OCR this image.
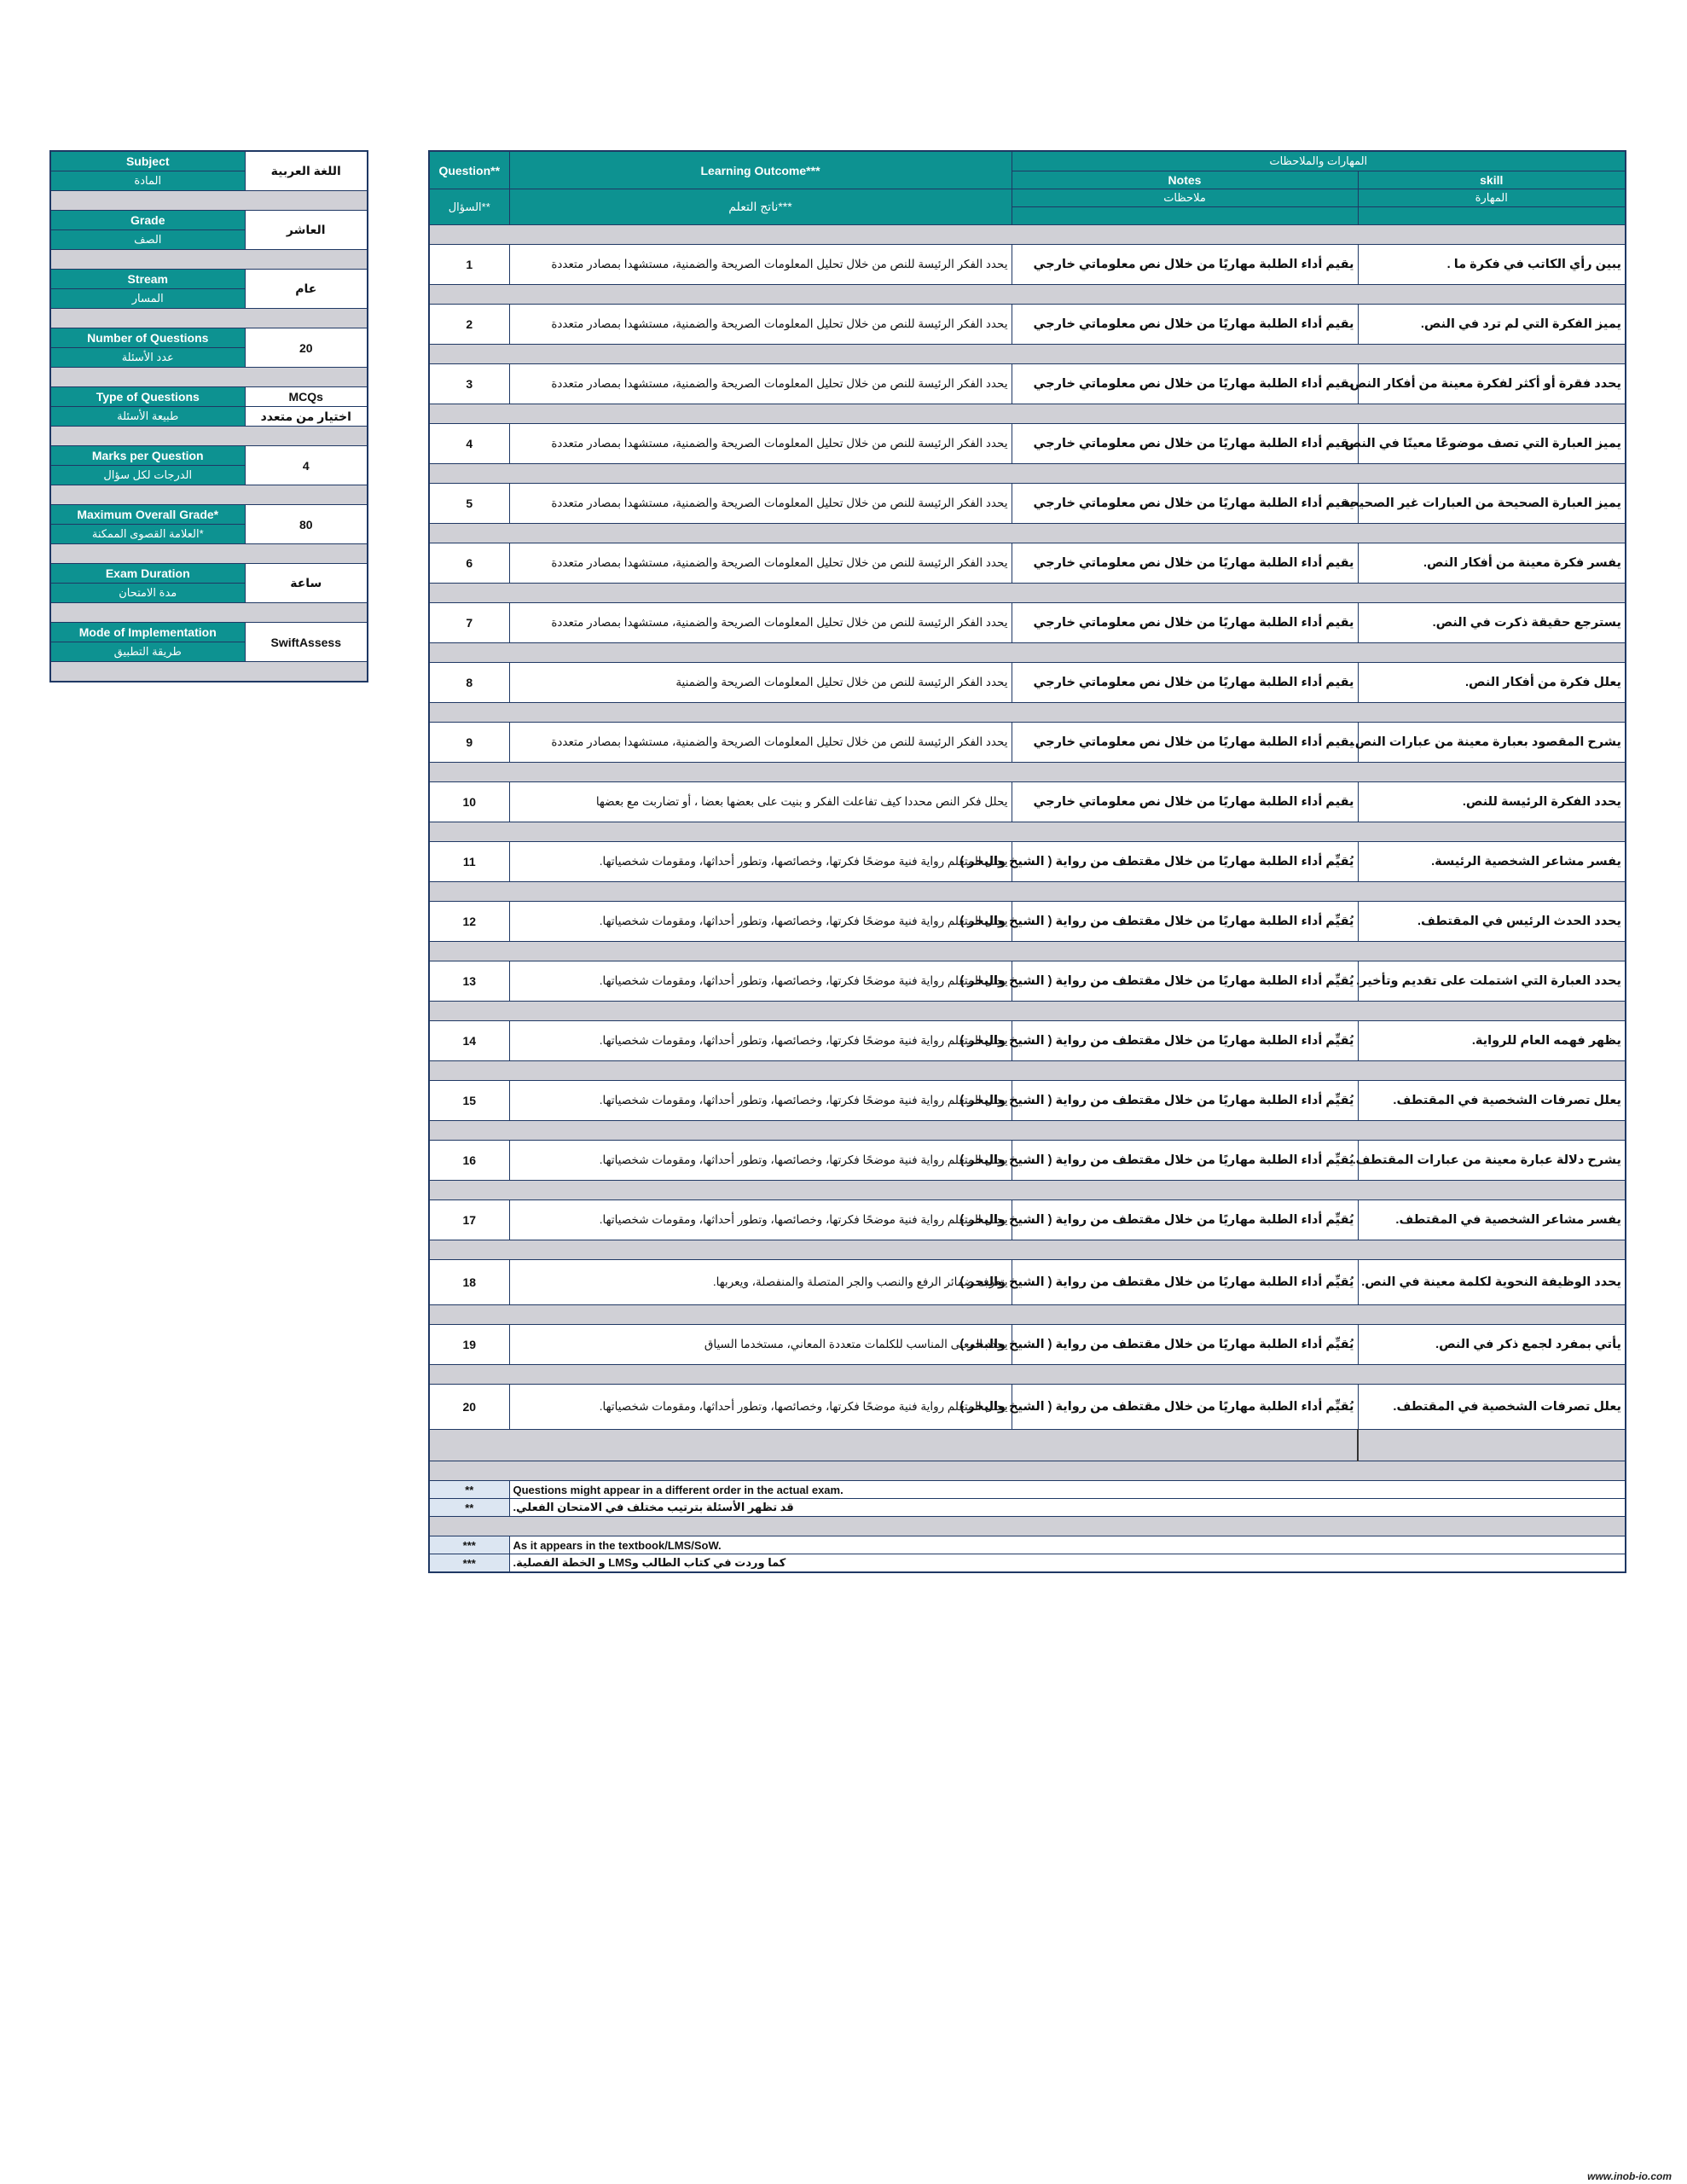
Subject	اللغة العربية
المادة	

Grade	العاشر
الصف	

Stream	عام
المسار	

Number of Questions	20
عدد الأسئلة	

Type of Questions	MCQs
طبيعة الأسئلة	اختيار من متعدد

Marks per Question	4
الدرجات لكل سؤال	

Maximum Overall Grade*	80
العلامة القصوى الممكنة*	

Exam Duration	ساعة
مدة الامتحان	

Mode of Implementation	SwiftAssess
طريقة التطبيق	

Question**	Learning Outcome***	المهارات والملاحظات	
		Notes	skill
السؤال**	ناتج التعلم***	ملاحظات	المهارة

1	يحدد الفكر الرئيسة للنص من خلال تحليل المعلومات الصريحة والضمنية، مستشهدا بمصادر متعددة	يقيم أداء الطلبة مهاريًا من خلال نص معلوماتي خارجي	يبين رأي الكاتب في فكرة ما .

2	يحدد الفكر الرئيسة للنص من خلال تحليل المعلومات الصريحة والضمنية، مستشهدا بمصادر متعددة	يقيم أداء الطلبة مهاريًا من خلال نص معلوماتي خارجي	يميز الفكرة التي لم ترد في النص.

3	يحدد الفكر الرئيسة للنص من خلال تحليل المعلومات الصريحة والضمنية، مستشهدا بمصادر متعددة	يقيم أداء الطلبة مهاريًا من خلال نص معلوماتي خارجي	يحدد فقرة أو أكثر لفكرة معينة من أفكار النص.

4	يحدد الفكر الرئيسة للنص من خلال تحليل المعلومات الصريحة والضمنية، مستشهدا بمصادر متعددة	يقيم أداء الطلبة مهاريًا من خلال نص معلوماتي خارجي	يميز العبارة التي تصف موضوعًا معينًا في النص.

5	يحدد الفكر الرئيسة للنص من خلال تحليل المعلومات الصريحة والضمنية، مستشهدا بمصادر متعددة	يقيم أداء الطلبة مهاريًا من خلال نص معلوماتي خارجي	يميز العبارة الصحيحة من العبارات غير الصحيحة

6	يحدد الفكر الرئيسة للنص من خلال تحليل المعلومات الصريحة والضمنية، مستشهدا بمصادر متعددة	يقيم أداء الطلبة مهاريًا من خلال نص معلوماتي خارجي	يفسر فكرة معينة من أفكار النص.

7	يحدد الفكر الرئيسة للنص من خلال تحليل المعلومات الصريحة والضمنية، مستشهدا بمصادر متعددة	يقيم أداء الطلبة مهاريًا من خلال نص معلوماتي خارجي	يسترجع حقيقة ذكرت في النص.

8	يحدد الفكر الرئيسة للنص من خلال تحليل المعلومات الصريحة والضمنية	يقيم أداء الطلبة مهاريًا من خلال نص معلوماتي خارجي	يعلل فكرة من أفكار النص.

9	يحدد الفكر الرئيسة للنص من خلال تحليل المعلومات الصريحة والضمنية، مستشهدا بمصادر متعددة	يقيم أداء الطلبة مهاريًا من خلال نص معلوماتي خارجي	يشرح المقصود بعبارة معينة من عبارات النص.

10	يحلل فكر النص محددا كيف تفاعلت الفكر و بنيت على بعضها بعضا ، أو تضاربت مع بعضها	يقيم أداء الطلبة مهاريًا من خلال نص معلوماتي خارجي	يحدد الفكرة الرئيسة للنص.

11	يحلل المتعلم رواية فنية موضحًا فكرتها، وخصائصها، وتطور أحداثها، ومقومات شخصياتها.	يُقيِّم أداء الطلبة مهاريًا من خلال مقتطف من رواية ( الشيخ والبحر )	يفسر مشاعر الشخصية الرئيسة.

12	يحلل المتعلم رواية فنية موضحًا فكرتها، وخصائصها، وتطور أحداثها، ومقومات شخصياتها.	يُقيِّم أداء الطلبة مهاريًا من خلال مقتطف من رواية ( الشيخ والبحر )	يحدد الحدث الرئيس في المقتطف.

13	يحلل المتعلم رواية فنية موضحًا فكرتها، وخصائصها، وتطور أحداثها، ومقومات شخصياتها.	يُقيِّم أداء الطلبة مهاريًا من خلال مقتطف من رواية ( الشيخ والبحر )	يحدد العبارة التي اشتملت على تقديم وتأخير.

14	يحلل المتعلم رواية فنية موضحًا فكرتها، وخصائصها، وتطور أحداثها، ومقومات شخصياتها.	يُقيِّم أداء الطلبة مهاريًا من خلال مقتطف من رواية ( الشيخ والبحر )	يظهر فهمه العام للرواية.

15	يحلل المتعلم رواية فنية موضحًا فكرتها، وخصائصها، وتطور أحداثها، ومقومات شخصياتها.	يُقيِّم أداء الطلبة مهاريًا من خلال مقتطف من رواية ( الشيخ والبحر )	يعلل تصرفات الشخصية في المقتطف.

16	يحلل المتعلم رواية فنية موضحًا فكرتها، وخصائصها، وتطور أحداثها، ومقومات شخصياتها.	يُقيِّم أداء الطلبة مهاريًا من خلال مقتطف من رواية ( الشيخ والبحر )	يشرح دلالة عبارة معينة من عبارات المقتطف.

17	يحلل المتعلم رواية فنية موضحًا فكرتها، وخصائصها، وتطور أحداثها، ومقومات شخصياتها.	يُقيِّم أداء الطلبة مهاريًا من خلال مقتطف من رواية ( الشيخ والبحر )	يفسر مشاعر الشخصية في المقتطف.

18	يتعرف ضمائر الرفع والنصب والجر المتصلة والمنفصلة، ويعربها.	يُقيِّم أداء الطلبة مهاريًا من خلال مقتطف من رواية ( الشيخ والبحر )	يحدد الوظيفة النحوية لكلمة معينة في النص.

19	يحدد المعنى المناسب للكلمات متعددة المعاني، مستخدما السياق	يُقيِّم أداء الطلبة مهاريًا من خلال مقتطف من رواية ( الشيخ والبحر )	يأتي بمفرد لجمع ذكر في النص.

20	يحلل المتعلم رواية فنية موضحًا فكرتها، وخصائصها، وتطور أحداثها، ومقومات شخصياتها.	يُقيِّم أداء الطلبة مهاريًا من خلال مقتطف من رواية ( الشيخ والبحر )	يعلل تصرفات الشخصية في المقتطف.

**	Questions might appear in a different order in the actual exam.		
**	قد تظهر الأسئلة بترتيب مختلف في الامتحان الفعلي.		

***	As it appears in the textbook/LMS/SoW.		
***	كما وردت في كتاب الطالب وLMS و الخطة الفصلية.		
www.inob-io.com
